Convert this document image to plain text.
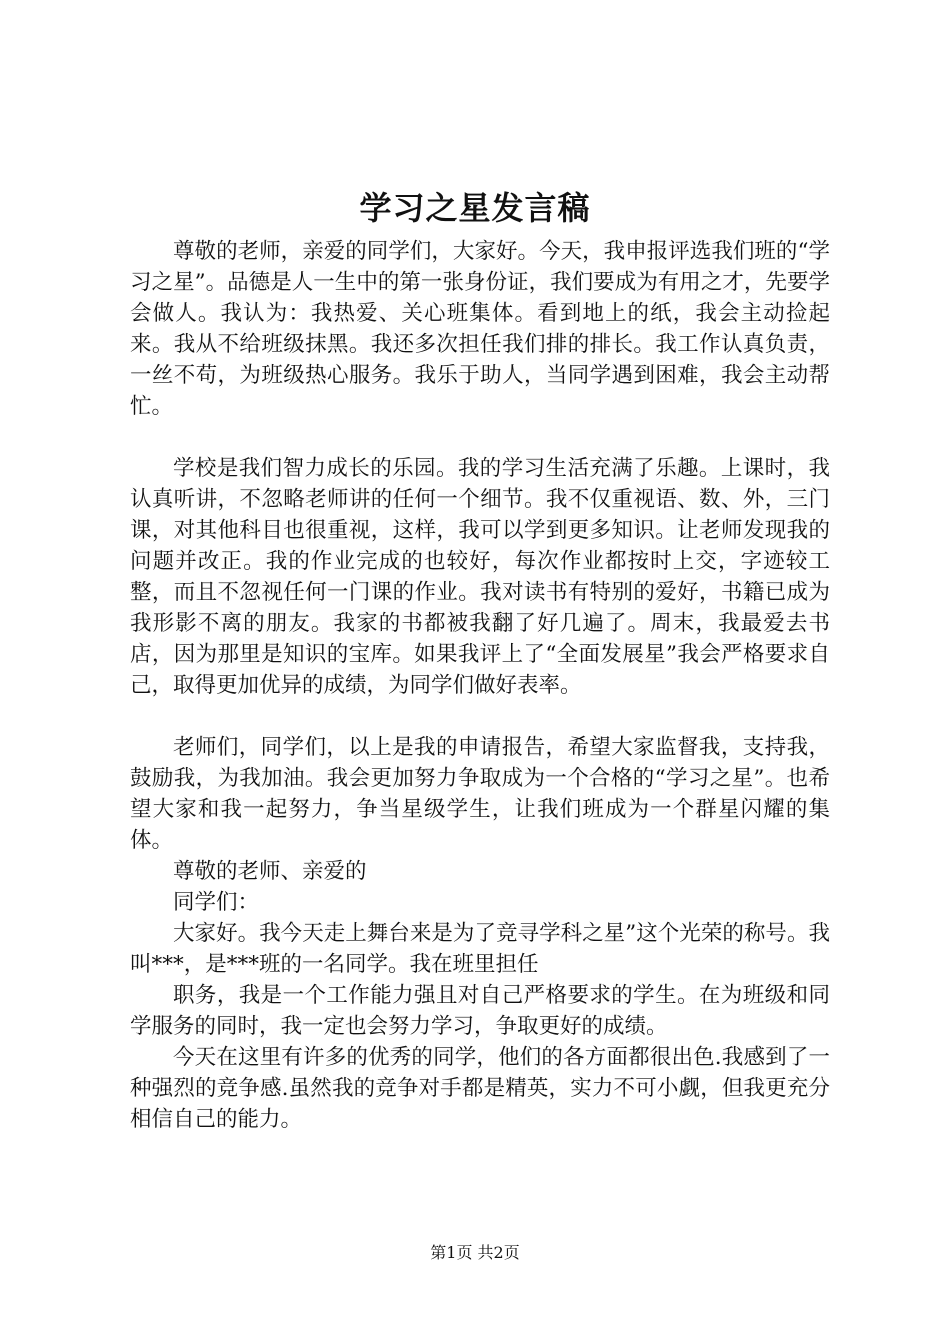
学习之星发言稿

尊敬的老师，亲爱的同学们，大家好。今天，我申报评选我们班的“学习之星”。品德是人一生中的第一张身份证，我们要成为有用之才，先要学会做人。我认为：我热爱、关心班集体。看到地上的纸，我会主动捡起来。我从不给班级抹黑。我还多次担任我们排的排长。我工作认真负责，一丝不苟，为班级热心服务。我乐于助人，当同学遇到困难，我会主动帮忙。

学校是我们智力成长的乐园。我的学习生活充满了乐趣。上课时，我认真听讲，不忽略老师讲的任何一个细节。我不仅重视语、数、外，三门课，对其他科目也很重视，这样，我可以学到更多知识。让老师发现我的问题并改正。我的作业完成的也较好，每次作业都按时上交，字迹较工整，而且不忽视任何一门课的作业。我对读书有特别的爱好，书籍已成为我形影不离的朋友。我家的书都被我翻了好几遍了。周末，我最爱去书店，因为那里是知识的宝库。如果我评上了“全面发展星”我会严格要求自己，取得更加优异的成绩，为同学们做好表率。

老师们，同学们，以上是我的申请报告，希望大家监督我，支持我，鼓励我，为我加油。我会更加努力争取成为一个合格的“学习之星”。也希望大家和我一起努力，争当星级学生，让我们班成为一个群星闪耀的集体。

尊敬的老师、亲爱的

同学们：

大家好。我今天走上舞台来是为了竞寻学科之星”这个光荣的称号。我叫***，是***班的一名同学。我在班里担任

职务，我是一个工作能力强且对自己严格要求的学生。在为班级和同学服务的同时，我一定也会努力学习，争取更好的成绩。

今天在这里有许多的优秀的同学，他们的各方面都很出色.我感到了一种强烈的竞争感.虽然我的竞争对手都是精英，实力不可小觑，但我更充分相信自己的能力。

第1页 共2页
